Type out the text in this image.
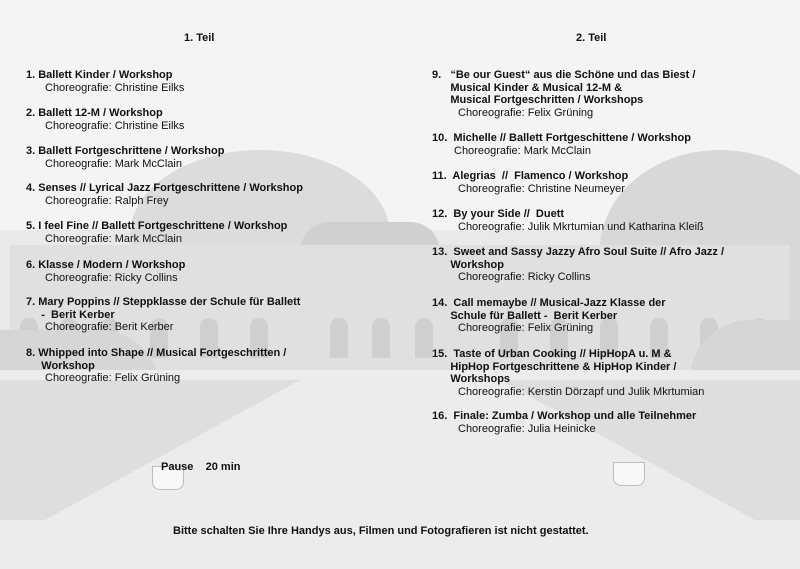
1. Teil	2. Teil
1. Ballett Kinder / Workshop
Choreografie: Christine Eilks
2. Ballett 12-M / Workshop
Choreografie: Christine Eilks
3. Ballett Fortgeschrittene / Workshop
Choreografie: Mark McClain
4. Senses // Lyrical Jazz Fortgeschrittene / Workshop
Choreografie: Ralph Frey
5. I feel Fine // Ballett Fortgeschrittene / Workshop
Choreografie: Mark McClain
6. Klasse / Modern / Workshop
Choreografie: Ricky Collins
7. Mary Poppins // Steppklasse der Schule für Ballett
-  Berit Kerber
Choreografie: Berit Kerber
8. Whipped into Shape // Musical Fortgeschritten /
Workshop
Choreografie: Felix Grüning
9.   “Be our Guest“ aus die Schöne und das Biest /
Musical Kinder & Musical 12-M &
Musical Fortgeschritten / Workshops
Choreografie: Felix Grüning
10.  Michelle // Ballett Fortgeschittene / Workshop
Choreografie: Mark McClain
11.  Alegrias  //  Flamenco / Workshop
Choreografie: Christine Neumeyer
12.  By your Side //  Duett
Choreografie: Julik Mkrtumian und Katharina Kleiß
13.  Sweet and Sassy Jazzy Afro Soul Suite // Afro Jazz /
Workshop
Choreografie: Ricky Collins
14.  Call memaybe // Musical-Jazz Klasse der
Schule für Ballett -  Berit Kerber
Choreografie: Felix Grüning
15.  Taste of Urban Cooking // HipHopA u. M &
HipHop Fortgeschrittene & HipHop Kinder /
Workshops
Choreografie: Kerstin Dörzapf und Julik Mkrtumian
16.  Finale: Zumba / Workshop und alle Teilnehmer
Choreografie: Julia Heinicke
Pause    20 min
Bitte schalten Sie Ihre Handys aus, Filmen und Fotografieren ist nicht gestattet.
